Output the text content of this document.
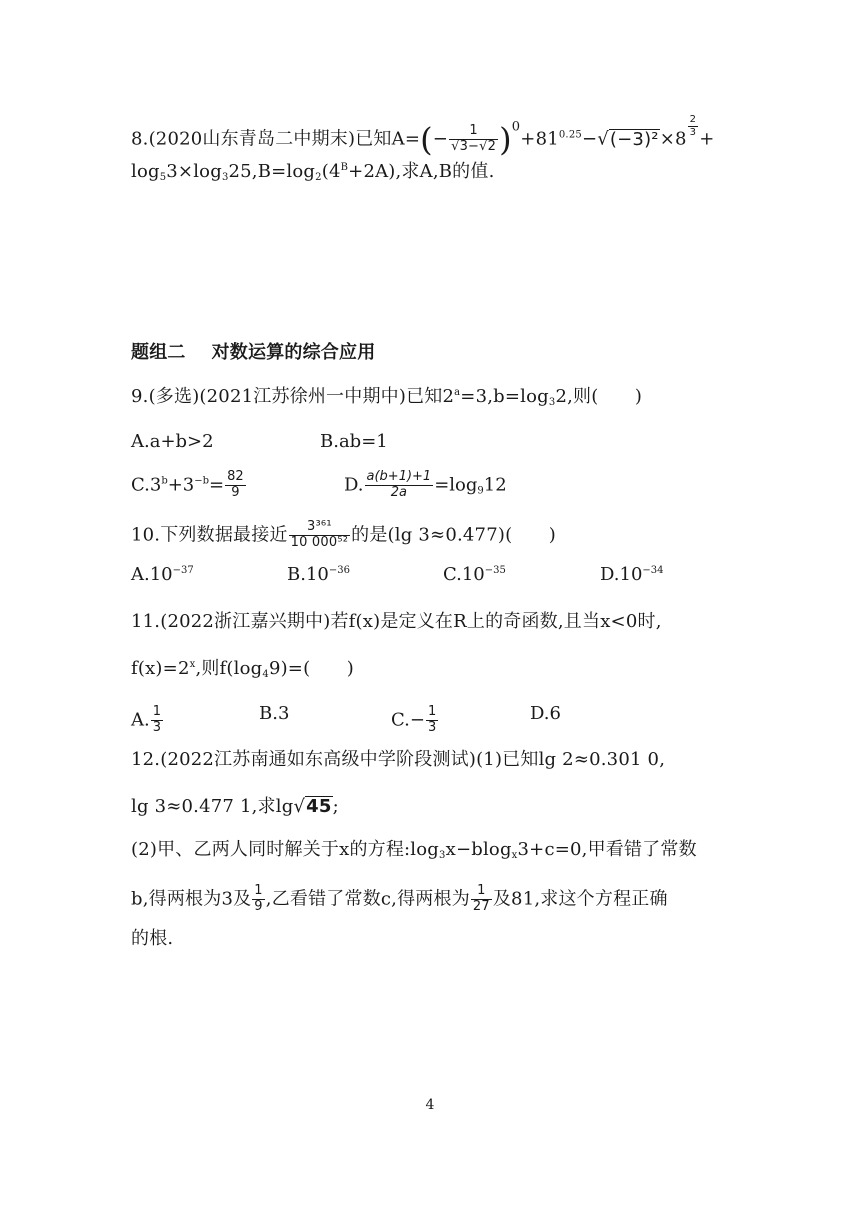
8.(2020山东青岛二中期末)已知$A=(- \frac{1}{√3-√2} )^0+81^{0.25}-√(-3)^2\times 8$
$\frac{2}{3}$
+
$\log_53\times\log_325,B=\log_2(4^B+2A)$,求A,B的值.
题组二 对数运算的综合应用
9.(多选)(2021江苏徐州一中期中)已知$2^a=3,b=\log_32$,则(　　)
A.a+b>2	B.ab=1
$C.3^b+3^{-b}= \frac{82}{9}$	D. $\frac{a(b+1)+1}{2a} =\log_912$
10.下列数据最接近 $\frac{\text{3³⁶¹}}{\text{10 000⁵²}}$ 的是(lg 3≈0.477)(　　)
$A.10^{-37}$	$B.10^{-36}$	$C.10^{-35}$	$D.10^{-34}$
11.(2022浙江嘉兴期中)若f(x)是定义在R上的奇函数,且当x<0时,
$f(x)=2^x$,则$f(\log_49)=$(　　)
A. $\frac{1}{3}$	B.3	$C.- \frac{1}{3}$	D.6
12.(2022江苏南通如东高级中学阶段测试)(1)已知lg 2≈0.301 0,
lg 3≈0.477 1,求lg√45;
(2)甲、乙两人同时解关于x的方程$:\log_3x-blog_x3+c=0$,甲看错了常数
b,得两根为3及 $\frac{1}{9}$ ,乙看错了常数c,得两根为 $\frac{1}{27}$ 及81,求这个方程正确
的根.
4
